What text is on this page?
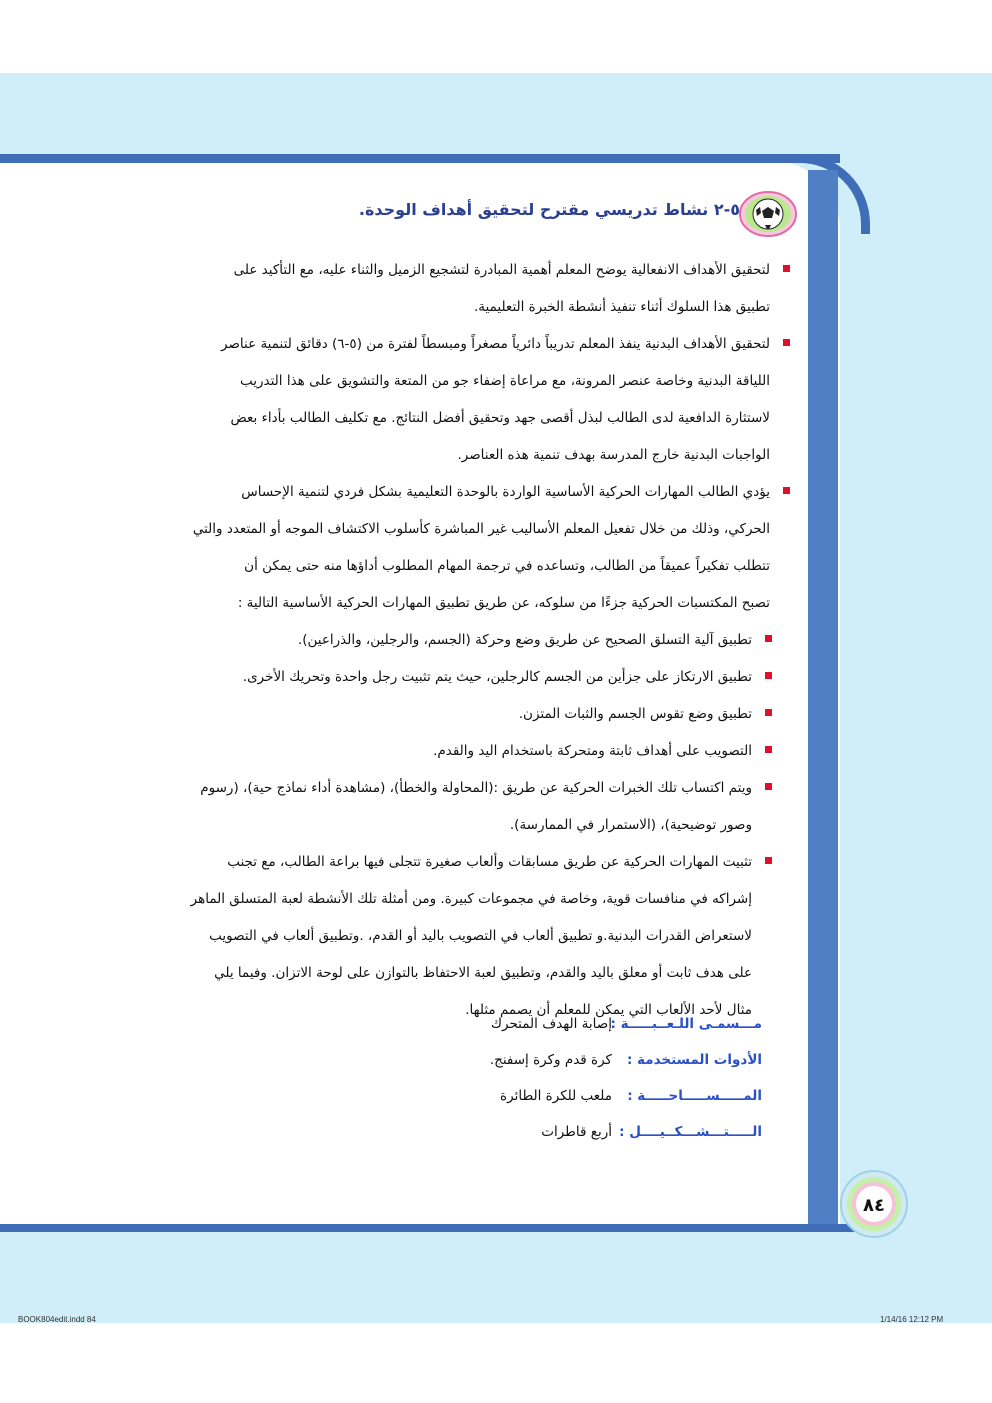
٥-٢ نشاط تدريسي مقترح لتحقيق أهداف الوحدة.
لتحقيق الأهداف الانفعالية يوضح المعلم أهمية المبادرة لتشجيع الزميل والثناء عليه، مع التأكيد على
تطبيق هذا السلوك أثناء تنفيذ أنشطة الخبرة التعليمية.
لتحقيق الأهداف البدنية ينفذ المعلم تدريباً دائرياً مصغراً ومبسطاً لفترة من (٥-٦) دقائق لتنمية عناصر
اللياقة البدنية وخاصة عنصر المرونة، مع مراعاة إضفاء جو من المتعة والتشويق على هذا التدريب
لاستثارة الدافعية لدى الطالب لبذل أقصى جهد وتحقيق أفضل النتائج. مع تكليف الطالب بأداء بعض
الواجبات البدنية خارج المدرسة بهدف تنمية هذه العناصر.
يؤدي الطالب المهارات الحركية الأساسية الواردة بالوحدة التعليمية بشكل فردي لتنمية الإحساس
الحركي، وذلك من خلال تفعيل المعلم الأساليب غير المباشرة كأسلوب الاكتشاف الموجه أو المتعدد والتي
تتطلب تفكيراً عميقاً من الطالب، وتساعده في ترجمة المهام المطلوب أداؤها منه حتى يمكن أن
تصبح المكتسبات الحركية جزءًا من سلوكه، عن طريق تطبيق المهارات الحركية الأساسية التالية :
تطبيق آلية التسلق الصحيح عن طريق وضع وحركة (الجسم، والرجلين، والذراعين).
تطبيق الارتكاز على جزأين من الجسم كالرجلين، حيث يتم تثبيت رجل واحدة وتحريك الأخرى.
تطبيق وضع تقوس الجسم والثبات المتزن.
التصويب على أهداف ثابتة ومتحركة باستخدام اليد والقدم.
ويتم اكتساب تلك الخبرات الحركية عن طريق :(المحاولة والخطأ)، (مشاهدة أداء نماذج حية)، (رسوم
وصور توضيحية)، (الاستمرار في الممارسة).
تثبيت المهارات الحركية عن طريق مسابقات وألعاب صغيرة تتجلى فيها براعة الطالب، مع تجنب
إشراكه في منافسات قوية، وخاصة في مجموعات كبيرة. ومن أمثلة تلك الأنشطة لعبة المتسلق الماهر
لاستعراض القدرات البدنية.و تطبيق ألعاب في التصويب باليد أو القدم، .وتطبيق ألعاب في التصويب
على هدف ثابت أو معلق باليد والقدم، وتطبيق لعبة الاحتفاظ بالتوازن على لوحة الاتزان. وفيما يلي
مثال لأحد الألعاب التي يمكن للمعلم أن يصمم مثلها.
مـــسمـى اللـعــبـــــة :
إصابة الهدف المتحرك
الأدوات المستخدمة :
كرة قدم وكرة إسفنج.
المـــــســـــاحـــــة :
ملعب للكرة الطائرة
الـــــتـــشـــكــيــــل :
أربع قاطرات
٨٤
BOOK804edit.indd 84	1/14/16 12:12 PM
